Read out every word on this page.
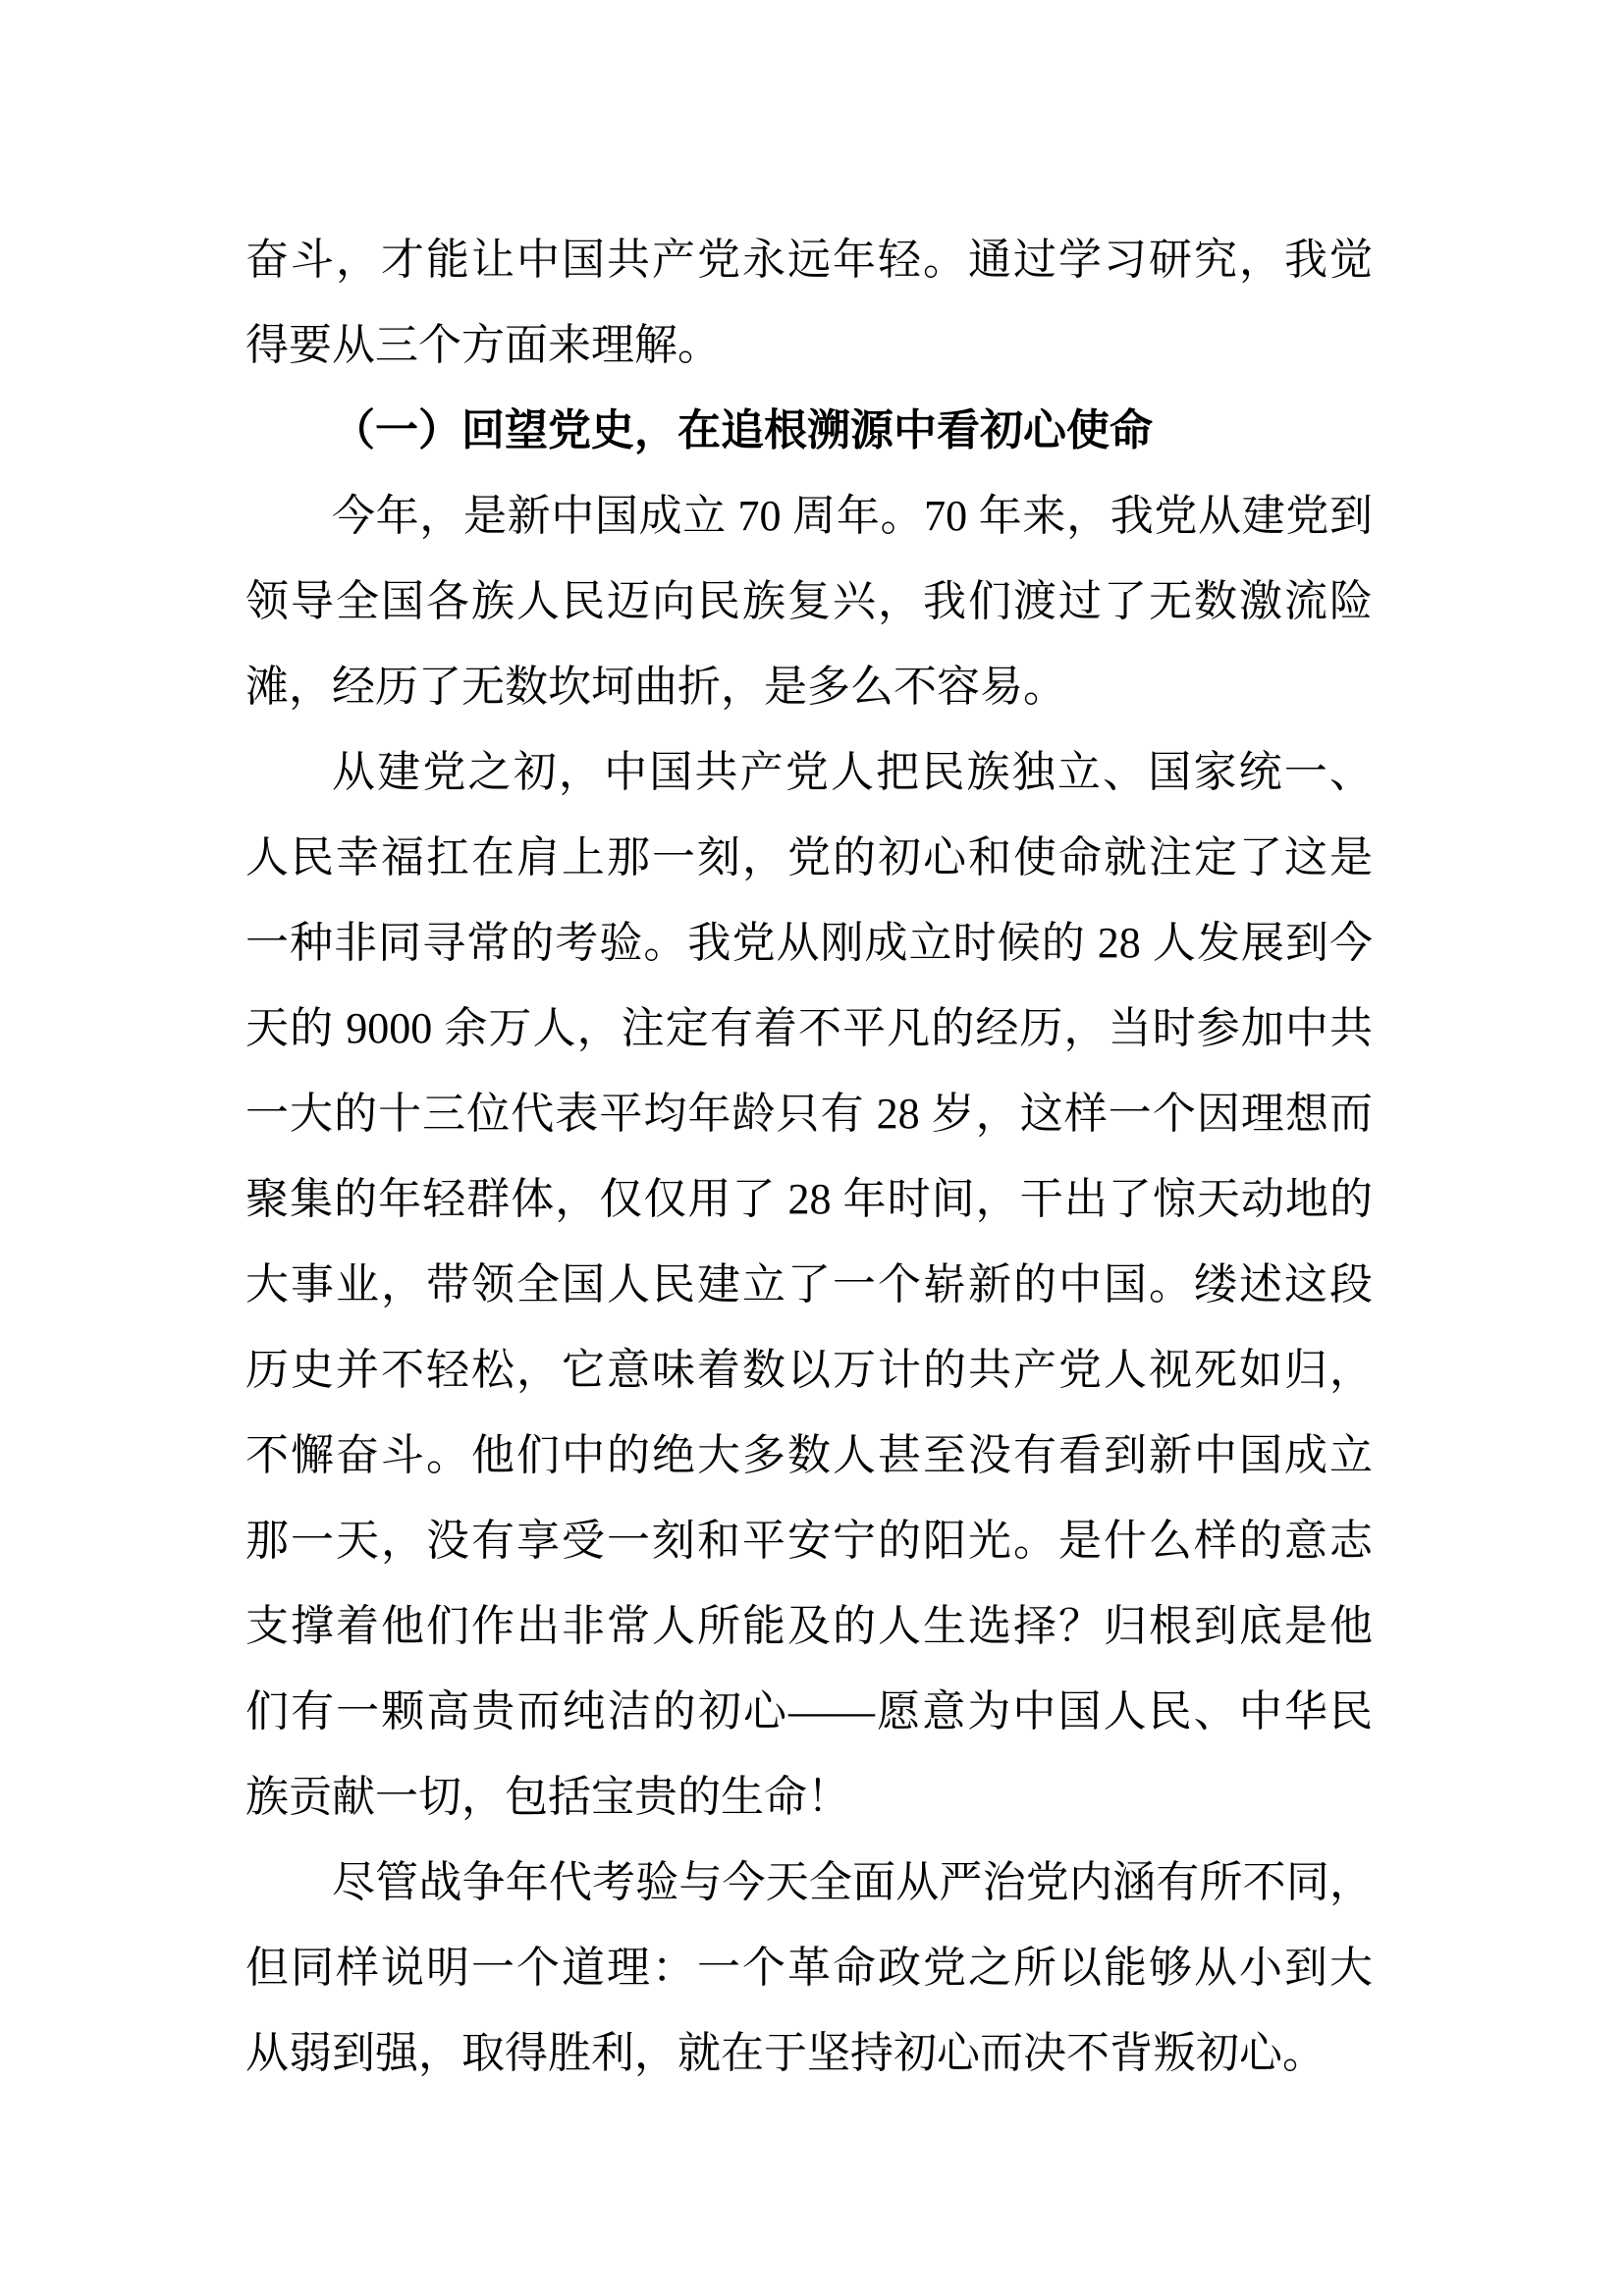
奋斗，才能让中国共产党永远年轻。通过学习研究，我觉
得要从三个方面来理解。
（一）回望党史，在追根溯源中看初心使命
今年，是新中国成立 70 周年。70 年来，我党从建党到
领导全国各族人民迈向民族复兴，我们渡过了无数激流险
滩，经历了无数坎坷曲折，是多么不容易。
从建党之初，中国共产党人把民族独立、国家统一、
人民幸福扛在肩上那一刻，党的初心和使命就注定了这是
一种非同寻常的考验。我党从刚成立时候的 28 人发展到今
天的 9000 余万人，注定有着不平凡的经历，当时参加中共
一大的十三位代表平均年龄只有 28 岁，这样一个因理想而
聚集的年轻群体，仅仅用了 28 年时间，干出了惊天动地的
大事业，带领全国人民建立了一个崭新的中国。缕述这段
历史并不轻松，它意味着数以万计的共产党人视死如归，
不懈奋斗。他们中的绝大多数人甚至没有看到新中国成立
那一天，没有享受一刻和平安宁的阳光。是什么样的意志
支撑着他们作出非常人所能及的人生选择？归根到底是他
们有一颗高贵而纯洁的初心——愿意为中国人民、中华民
族贡献一切，包括宝贵的生命！
尽管战争年代考验与今天全面从严治党内涵有所不同，
但同样说明一个道理：一个革命政党之所以能够从小到大
从弱到强，取得胜利，就在于坚持初心而决不背叛初心。
